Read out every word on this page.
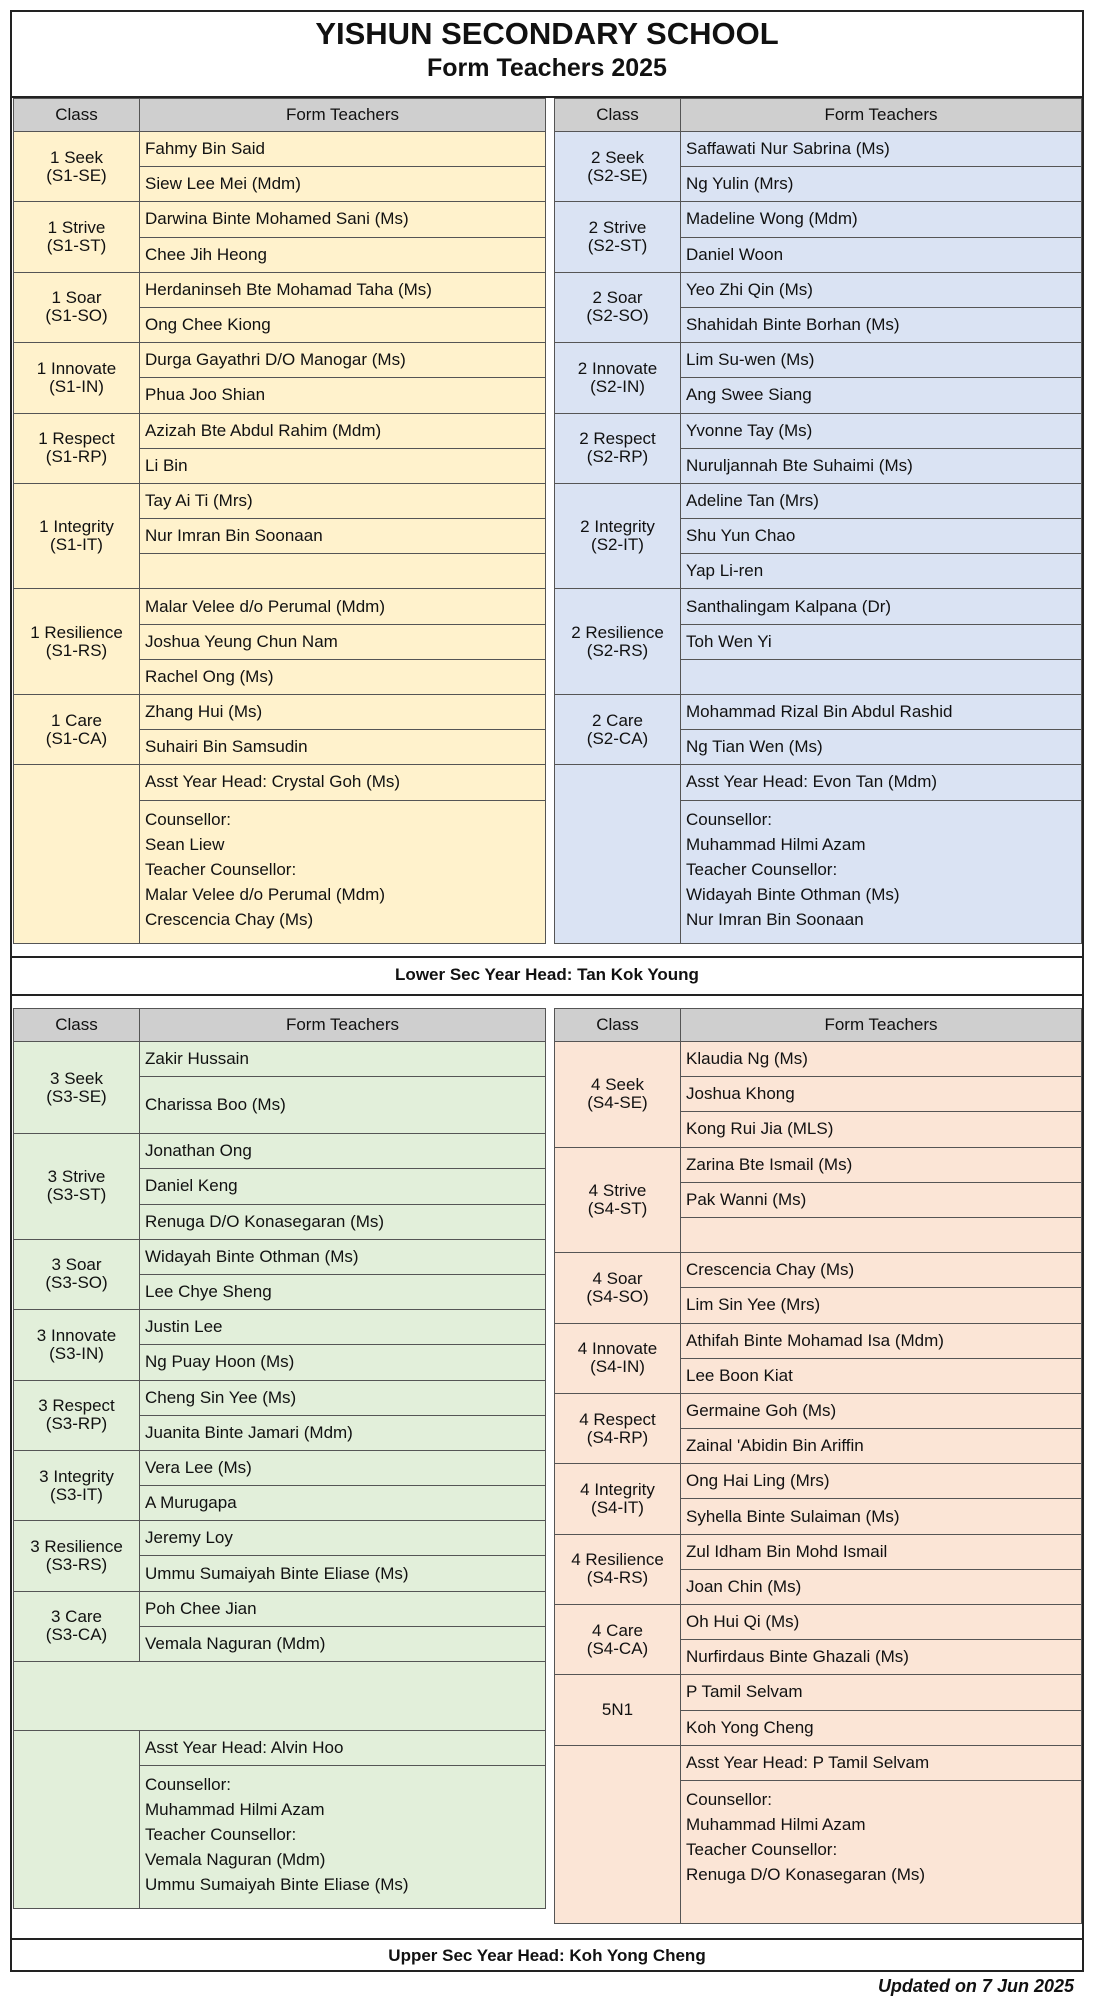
YISHUN SECONDARY SCHOOL
Form Teachers 2025
Class	Form Teachers

1 Seek
(S1-SE)	Fahmy Bin Said
	Siew Lee Mei (Mdm)

1 Strive
(S1-ST)	Darwina Binte Mohamed Sani (Ms)
	Chee Jih Heong

1 Soar
(S1-SO)	Herdaninseh Bte Mohamad Taha (Ms)
	Ong Chee Kiong

1 Innovate
(S1-IN)	Durga Gayathri D/O Manogar (Ms)
	Phua Joo Shian

1 Respect
(S1-RP)	Azizah Bte Abdul Rahim (Mdm)
	Li Bin

1 Integrity
(S1-IT)	Tay Ai Ti (Mrs)
	Nur Imran Bin Soonaan

1 Resilience
(S1-RS)	Malar Velee d/o Perumal (Mdm)
	Joshua Yeung Chun Nam
	Rachel Ong (Ms)

1 Care
(S1-CA)	Zhang Hui (Ms)
	Suhairi Bin Samsudin
	Asst Year Head: Crystal Goh (Ms)

	Counsellor:
Sean Liew
Teacher Counsellor:
Malar Velee d/o Perumal (Mdm)
Crescencia Chay (Ms)
Class	Form Teachers

2 Seek
(S2-SE)	Saffawati Nur Sabrina (Ms)
	Ng Yulin (Mrs)

2 Strive
(S2-ST)	Madeline Wong (Mdm)
	Daniel Woon

2 Soar
(S2-SO)	Yeo Zhi Qin (Ms)
	Shahidah Binte Borhan (Ms)

2 Innovate
(S2-IN)	Lim Su-wen (Ms)
	Ang Swee Siang

2 Respect
(S2-RP)	Yvonne Tay (Ms)
	Nuruljannah Bte Suhaimi (Ms)

2 Integrity
(S2-IT)	Adeline Tan (Mrs)
	Shu Yun Chao
	Yap Li-ren

2 Resilience
(S2-RS)	Santhalingam Kalpana (Dr)
	Toh Wen Yi

2 Care
(S2-CA)	Mohammad Rizal Bin Abdul Rashid
	Ng Tian Wen (Ms)
	Asst Year Head: Evon Tan (Mdm)

	Counsellor:
Muhammad Hilmi Azam
Teacher Counsellor:
Widayah Binte Othman (Ms)
Nur Imran Bin Soonaan
Lower Sec Year Head: Tan Kok Young
Class	Form Teachers

3 Seek
(S3-SE)	Zakir Hussain
	Charissa Boo (Ms)

3 Strive
(S3-ST)	Jonathan Ong
	Daniel Keng
	Renuga D/O Konasegaran (Ms)

3 Soar
(S3-SO)	Widayah Binte Othman (Ms)
	Lee Chye Sheng

3 Innovate
(S3-IN)	Justin Lee
	Ng Puay Hoon (Ms)

3 Respect
(S3-RP)	Cheng Sin Yee (Ms)
	Juanita Binte Jamari (Mdm)

3 Integrity
(S3-IT)	Vera Lee (Ms)
	A Murugapa

3 Resilience
(S3-RS)	Jeremy Loy
	Ummu Sumaiyah Binte Eliase (Ms)

3 Care
(S3-CA)	Poh Chee Jian
	Vemala Naguran (Mdm)

	Asst Year Head: Alvin Hoo

	Counsellor:
Muhammad Hilmi Azam
Teacher Counsellor:
Vemala Naguran (Mdm)
Ummu Sumaiyah Binte Eliase (Ms)
Class	Form Teachers

4 Seek
(S4-SE)	Klaudia Ng (Ms)
	Joshua Khong
	Kong Rui Jia (MLS)

4 Strive
(S4-ST)	Zarina Bte Ismail (Ms)
	Pak Wanni (Ms)

4 Soar
(S4-SO)	Crescencia Chay (Ms)
	Lim Sin Yee (Mrs)

4 Innovate
(S4-IN)	Athifah Binte Mohamad Isa (Mdm)
	Lee Boon Kiat

4 Respect
(S4-RP)	Germaine Goh (Ms)
	Zainal 'Abidin Bin Ariffin

4 Integrity
(S4-IT)	Ong Hai Ling (Mrs)
	Syhella Binte Sulaiman (Ms)

4 Resilience
(S4-RS)	Zul Idham Bin Mohd Ismail
	Joan Chin (Ms)

4 Care
(S4-CA)	Oh Hui Qi (Ms)
	Nurfirdaus Binte Ghazali (Ms)

5N1	P Tamil Selvam
	Koh Yong Cheng
	Asst Year Head: P Tamil Selvam

	Counsellor:
Muhammad Hilmi Azam
Teacher Counsellor:
Renuga D/O Konasegaran (Ms)
Upper Sec Year Head: Koh Yong Cheng
Updated on 7 Jun 2025
